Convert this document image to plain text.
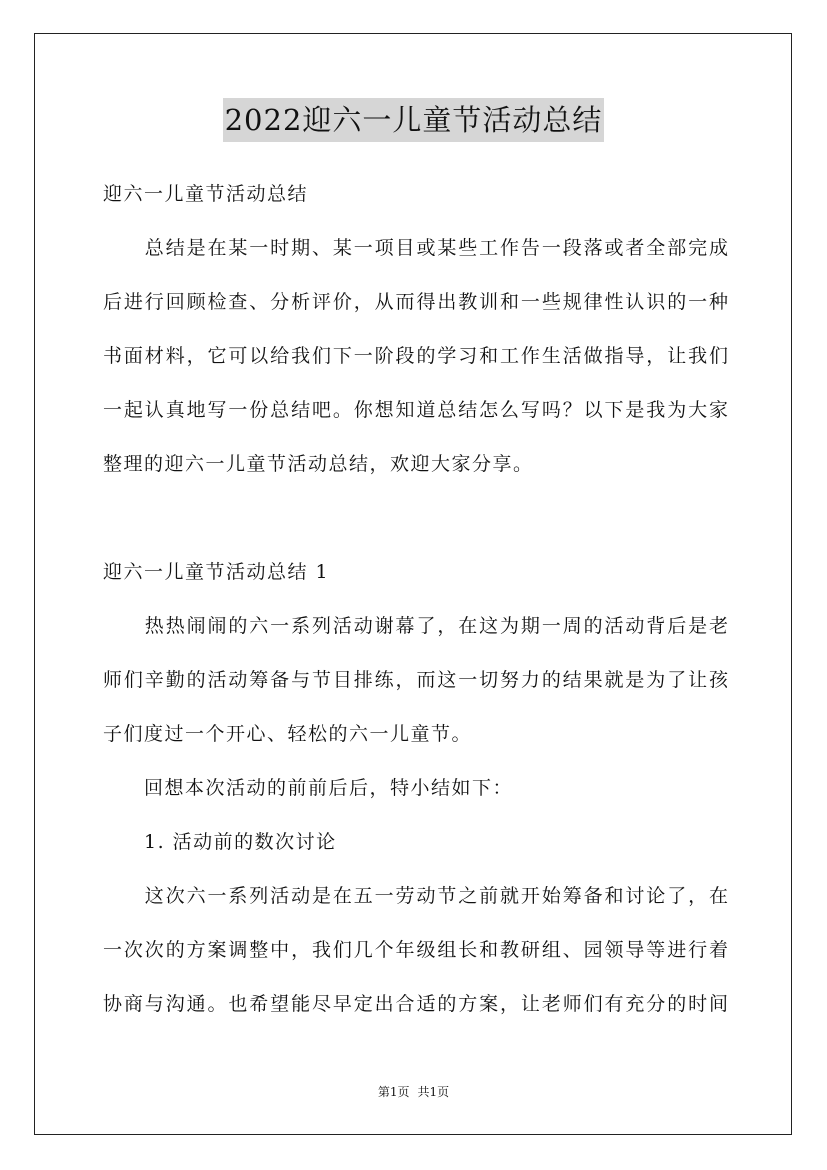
2022迎六一儿童节活动总结
迎六一儿童节活动总结
　　总结是在某一时期、某一项目或某些工作告一段落或者全部完成
后进行回顾检查、分析评价，从而得出教训和一些规律性认识的一种
书面材料，它可以给我们下一阶段的学习和工作生活做指导，让我们
一起认真地写一份总结吧。你想知道总结怎么写吗？以下是我为大家
整理的迎六一儿童节活动总结，欢迎大家分享。
迎六一儿童节活动总结 1
　　热热闹闹的六一系列活动谢幕了，在这为期一周的活动背后是老
师们辛勤的活动筹备与节目排练，而这一切努力的结果就是为了让孩
子们度过一个开心、轻松的六一儿童节。
　　回想本次活动的前前后后，特小结如下：
　　1. 活动前的数次讨论
　　这次六一系列活动是在五一劳动节之前就开始筹备和讨论了，在
一次次的方案调整中，我们几个年级组长和教研组、园领导等进行着
协商与沟通。也希望能尽早定出合适的方案，让老师们有充分的时间
第1页 共1页
